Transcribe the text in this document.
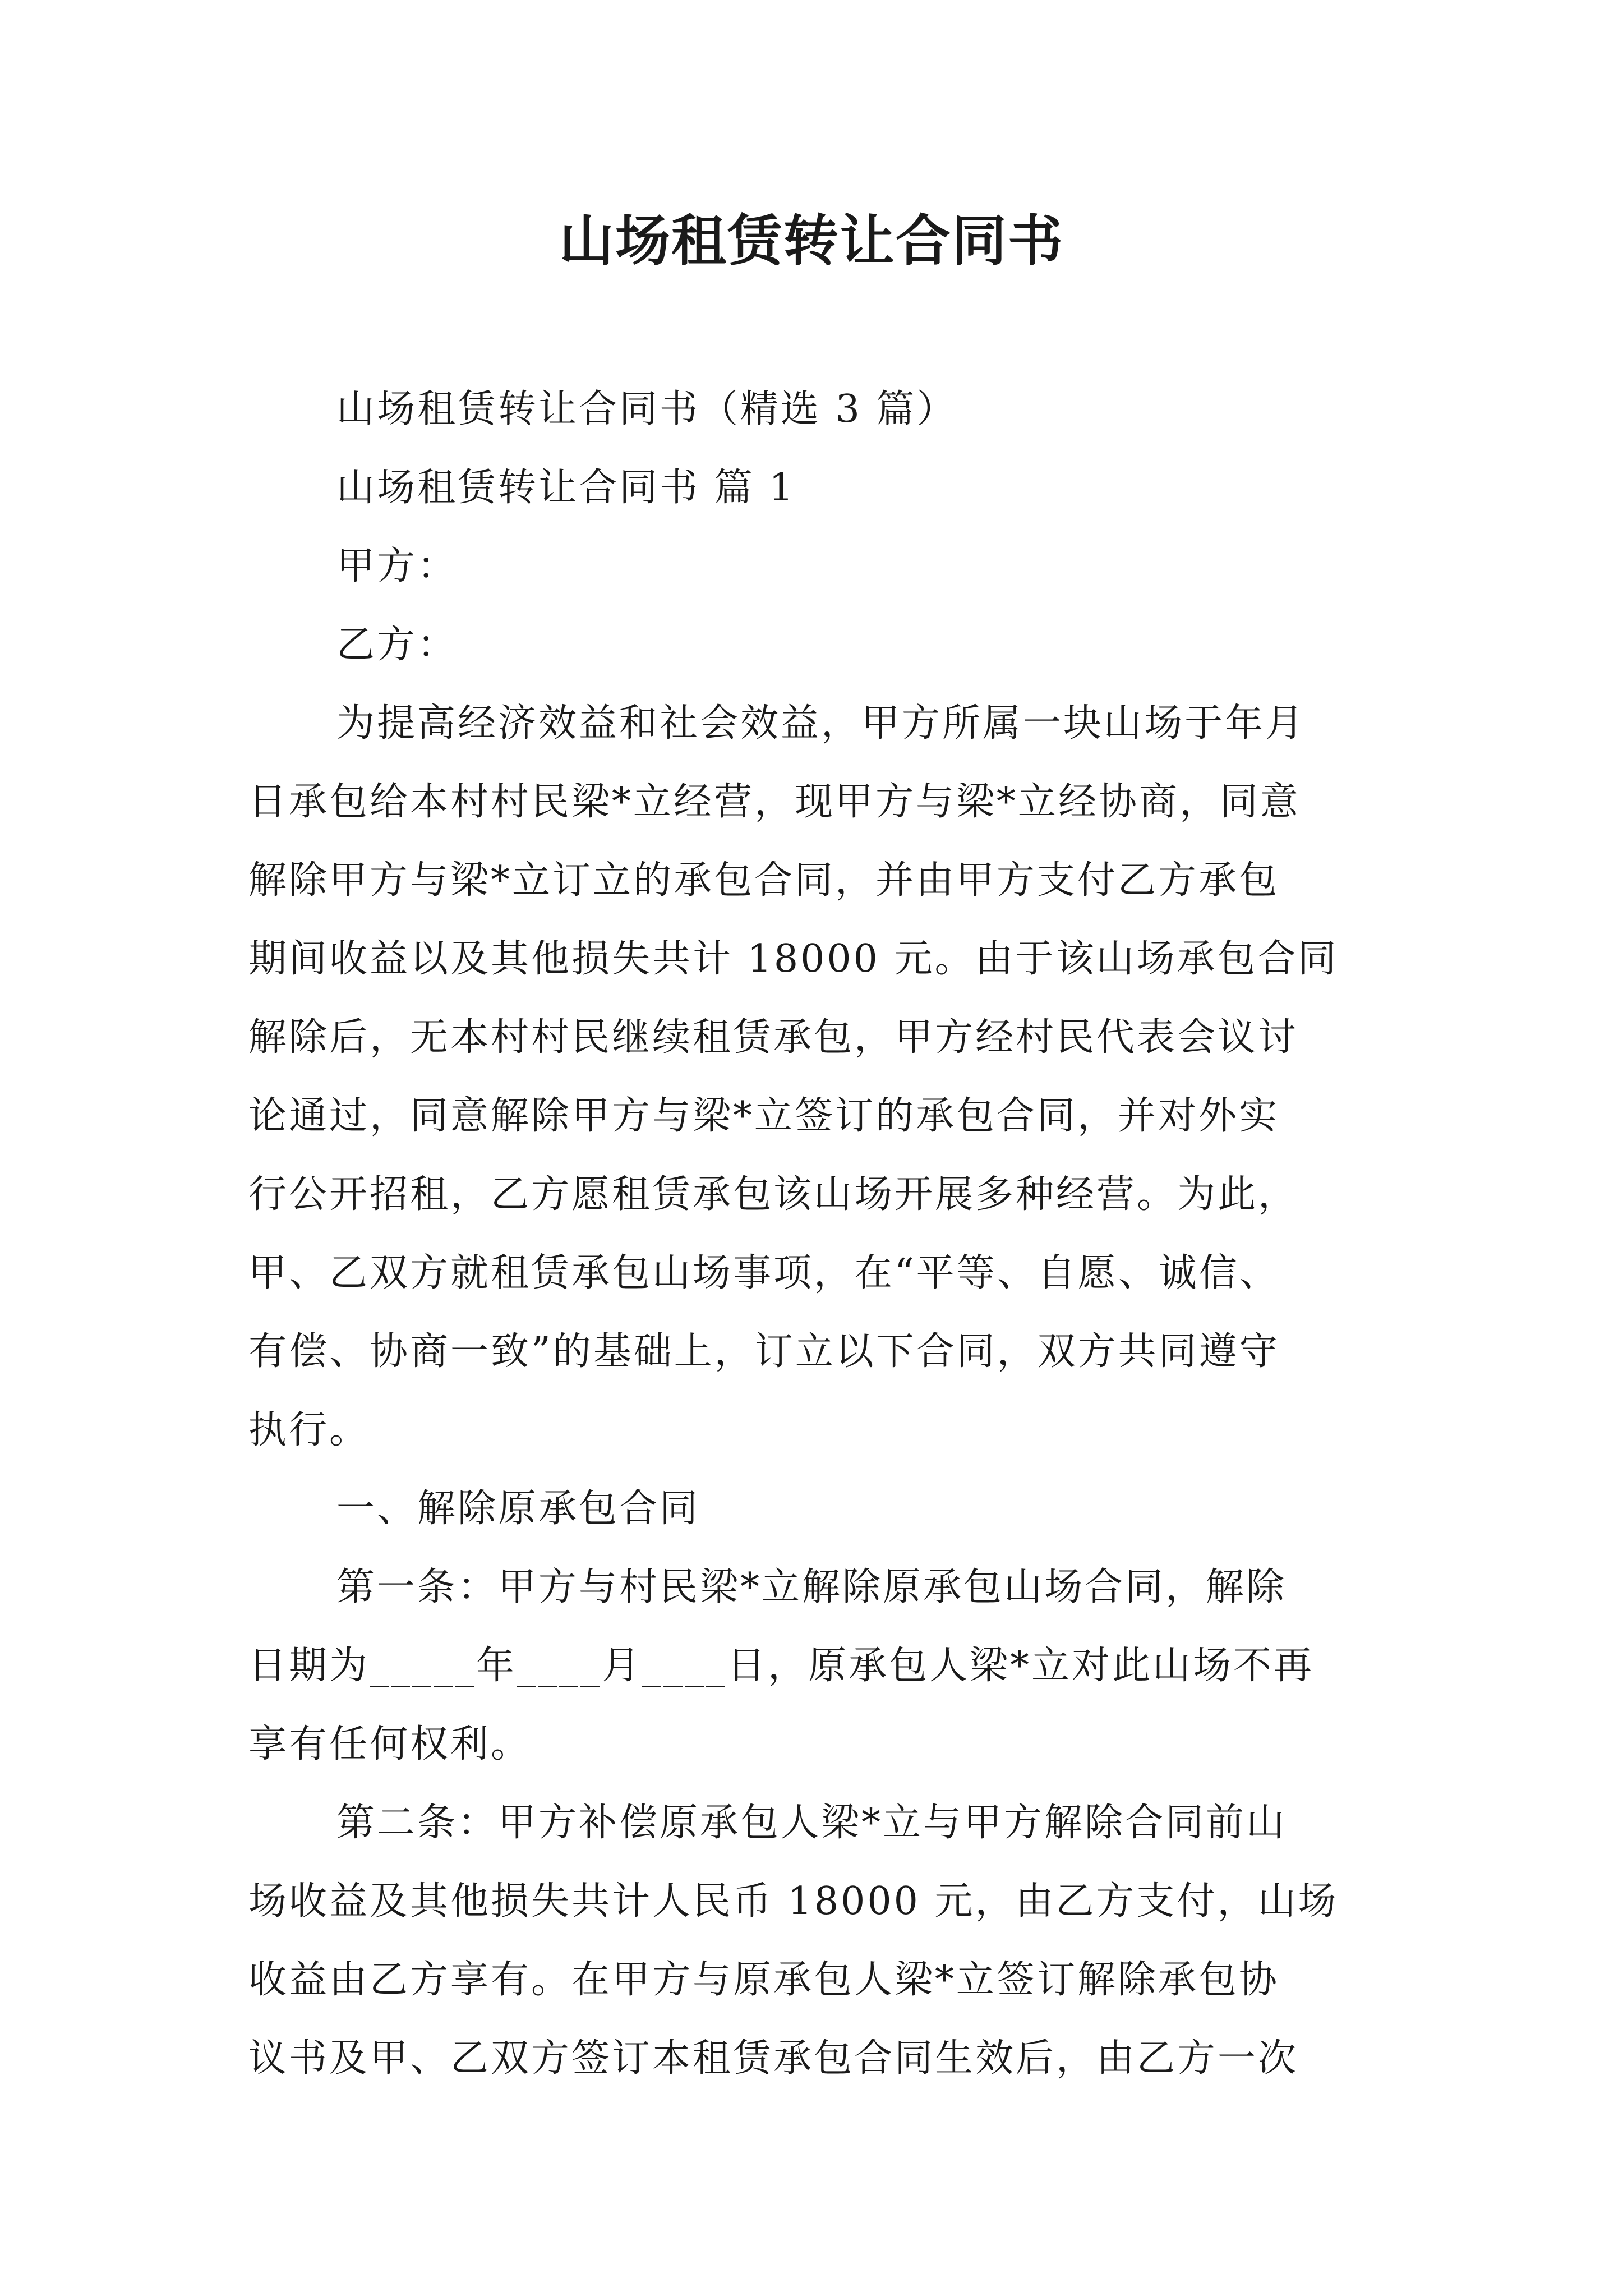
山场租赁转让合同书
山场租赁转让合同书（精选 3 篇）
山场租赁转让合同书 篇 1
甲方：
乙方：
为提高经济效益和社会效益，甲方所属一块山场于年月
日承包给本村村民梁*立经营，现甲方与梁*立经协商，同意
解除甲方与梁*立订立的承包合同，并由甲方支付乙方承包
期间收益以及其他损失共计 18000 元。由于该山场承包合同
解除后，无本村村民继续租赁承包，甲方经村民代表会议讨
论通过，同意解除甲方与梁*立签订的承包合同，并对外实
行公开招租，乙方愿租赁承包该山场开展多种经营。为此，
甲、乙双方就租赁承包山场事项，在“平等、自愿、诚信、
有偿、协商一致”的基础上，订立以下合同，双方共同遵守
执行。
一、解除原承包合同
第一条：甲方与村民梁*立解除原承包山场合同，解除
日期为_____年____月____日，原承包人梁*立对此山场不再
享有任何权利。
第二条：甲方补偿原承包人梁*立与甲方解除合同前山
场收益及其他损失共计人民币 18000 元，由乙方支付，山场
收益由乙方享有。在甲方与原承包人梁*立签订解除承包协
议书及甲、乙双方签订本租赁承包合同生效后，由乙方一次
